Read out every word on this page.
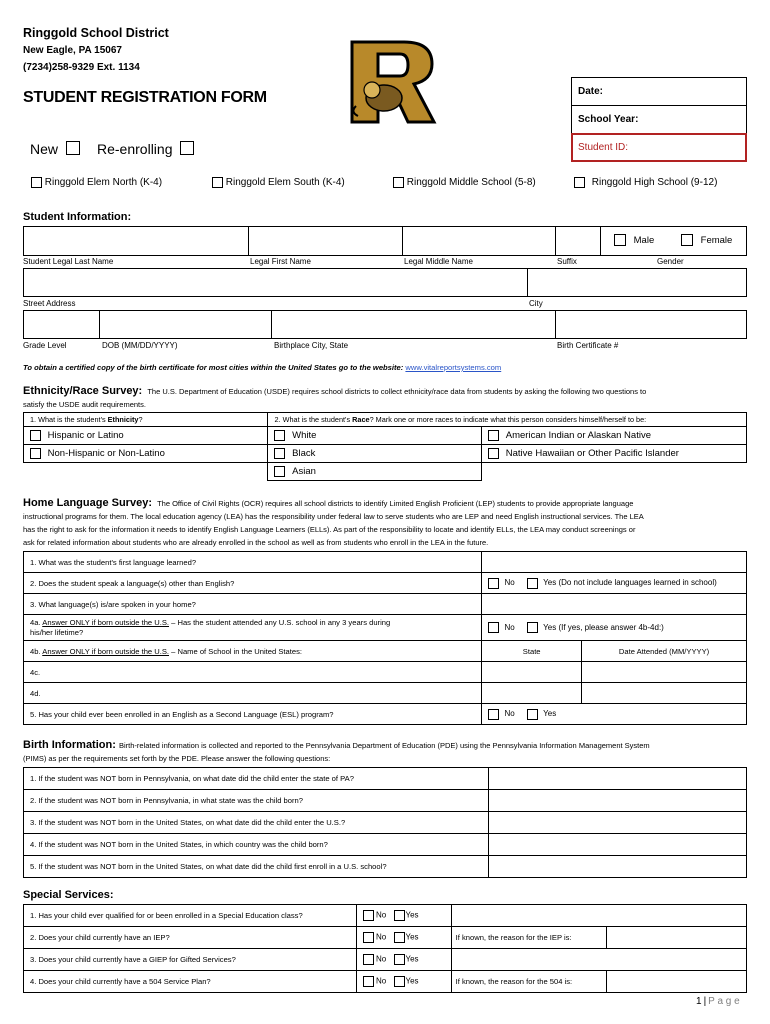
Ringgold School District
New Eagle, PA 15067
(7234)258-9329 Ext. 1134
STUDENT REGISTRATION FORM	Date:
School Year:
Student ID:
New	Re-enrolling
Ringgold Elem North (K-4)	Ringgold Elem South (K-4)	Ringgold Middle School (5-8)	Ringgold High School (9-12)
Student Information:
Male	Female
Student Legal Last Name	Legal First Name	Legal Middle Name	Suffix	Gender
Street Address	City
Grade Level	DOB (MM/DD/YYYY)	Birthplace City, State	Birth Certificate #
To obtain a certified copy of the birth certificate for most cities within the United States go to the website: www.vitalreportsystems.com
Ethnicity/Race Survey: The U.S. Department of Education (USDE) requires school districts to collect ethnicity/race data from students by asking the following two questions to
satisfy the USDE audit requirements.
1. What is the student's Ethnicity?	2. What is the student's Race? Mark one or more races to indicate what this person considers himself/herself to be:	
Hispanic or Latino	White	American Indian or Alaskan Native
Non-Hispanic or Non-Latino	Black	Native Hawaiian or Other Pacific Islander
	Asian	
Home Language Survey: The Office of Civil Rights (OCR) requires all school districts to identify Limited English Proficient (LEP) students to provide appropriate language
instructional programs for them. The local education agency (LEA) has the responsibility under federal law to serve students who are LEP and need English instructional services. The LEA
has the right to ask for the information it needs to identify English Language Learners (ELLs). As part of the responsibility to locate and identify ELLs, the LEA may conduct screenings or
ask for related information about students who are already enrolled in the school as well as from students who enroll in the LEA in the future.
1. What was the student's first language learned?		
2. Does the student speak a language(s) other than English?	No Yes (Do not include languages learned in school)	
3. What language(s) is/are spoken in your home?		
4a. Answer ONLY if born outside the U.S. – Has the student attended any U.S. school in any 3 years during
his/her lifetime?	No Yes (If yes, please answer 4b-4d:)	
4b. Answer ONLY if born outside the U.S. – Name of School in the United States:	State	Date Attended (MM/YYYY)
4c.		
4d.		
5. Has your child ever been enrolled in an English as a Second Language (ESL) program?	No Yes	
Birth Information: Birth-related information is collected and reported to the Pennsylvania Department of Education (PDE) using the Pennsylvania Information Management System
(PIMS) as per the requirements set forth by the PDE. Please answer the following questions:
1. If the student was NOT born in Pennsylvania, on what date did the child enter the state of PA?	
2. If the student was NOT born in Pennsylvania, in what state was the child born?	
3. If the student was NOT born in the United States, on what date did the child enter the U.S.?	
4. If the student was NOT born in the United States, in which country was the child born?	
5. If the student was NOT born in the United States, on what date did the child first enroll in a U.S. school?	
Special Services:
1. Has your child ever qualified for or been enrolled in a Special Education class?	No Yes		
2. Does your child currently have an IEP?	No Yes	If known, the reason for the IEP is:	
3. Does your child currently have a GIEP for Gifted Services?	No Yes		
4. Does your child currently have a 504 Service Plan?	No Yes	If known, the reason for the 504 is:	
1 | P a g e
